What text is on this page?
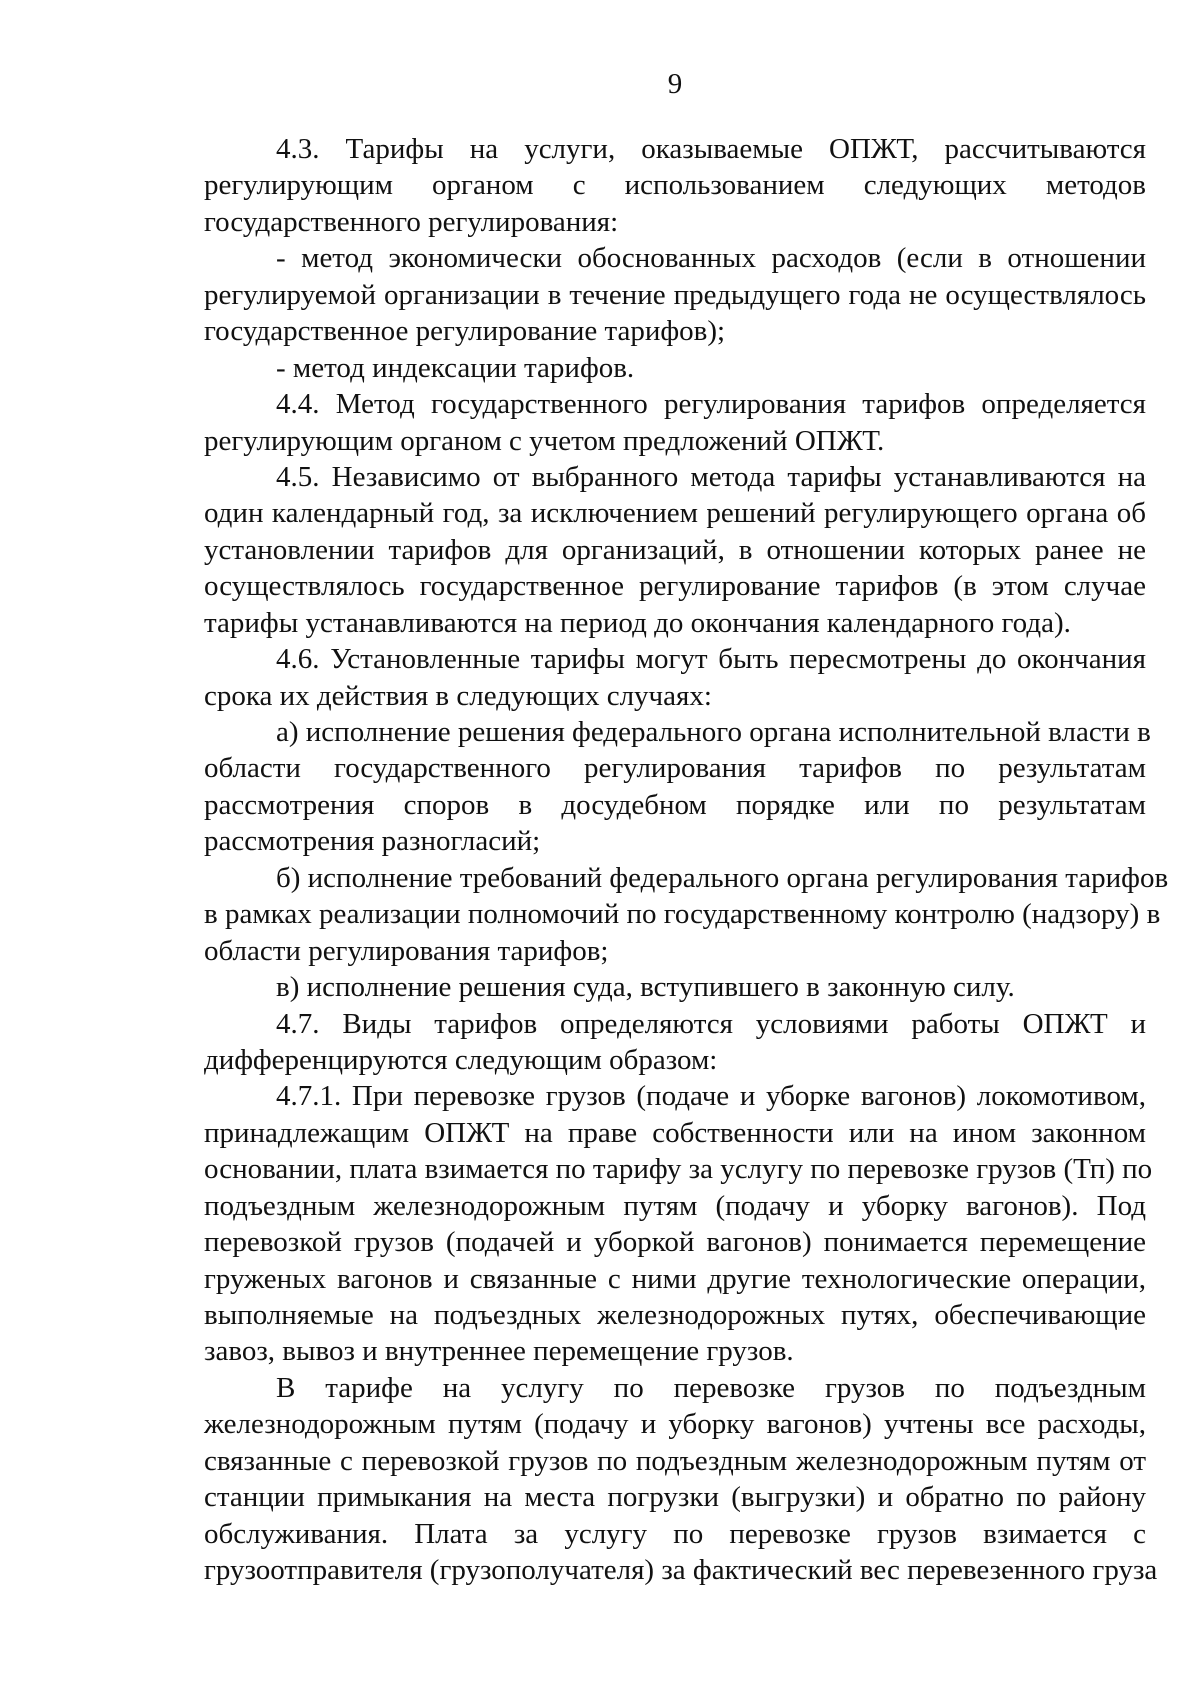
9
4.3. Тарифы на услуги, оказываемые ОПЖТ, рассчитываются
регулирующим органом с использованием следующих методов
государственного регулирования:
- метод экономически обоснованных расходов (если в отношении
регулируемой организации в течение предыдущего года не осуществлялось
государственное регулирование тарифов);
- метод индексации тарифов.
4.4. Метод государственного регулирования тарифов определяется
регулирующим органом с учетом предложений ОПЖТ.
4.5. Независимо от выбранного метода тарифы устанавливаются на
один календарный год, за исключением решений регулирующего органа об
установлении тарифов для организаций, в отношении которых ранее не
осуществлялось государственное регулирование тарифов (в этом случае
тарифы устанавливаются на период до окончания календарного года).
4.6. Установленные тарифы могут быть пересмотрены до окончания
срока их действия в следующих случаях:
а) исполнение решения федерального органа исполнительной власти в
области государственного регулирования тарифов по результатам
рассмотрения споров в досудебном порядке или по результатам
рассмотрения разногласий;
б) исполнение требований федерального органа регулирования тарифов
в рамках реализации полномочий по государственному контролю (надзору) в
области регулирования тарифов;
в) исполнение решения суда, вступившего в законную силу.
4.7. Виды тарифов определяются условиями работы ОПЖТ и
дифференцируются следующим образом:
4.7.1. При перевозке грузов (подаче и уборке вагонов) локомотивом,
принадлежащим ОПЖТ на праве собственности или на ином законном
основании, плата взимается по тарифу за услугу по перевозке грузов (Тп) по
подъездным железнодорожным путям (подачу и уборку вагонов). Под
перевозкой грузов (подачей и уборкой вагонов) понимается перемещение
груженых вагонов и связанные с ними другие технологические операции,
выполняемые на подъездных железнодорожных путях, обеспечивающие
завоз, вывоз и внутреннее перемещение грузов.
В тарифе на услугу по перевозке грузов по подъездным
железнодорожным путям (подачу и уборку вагонов) учтены все расходы,
связанные с перевозкой грузов по подъездным железнодорожным путям от
станции примыкания на места погрузки (выгрузки) и обратно по району
обслуживания. Плата за услугу по перевозке грузов взимается с
грузоотправителя (грузополучателя) за фактический вес перевезенного груза
